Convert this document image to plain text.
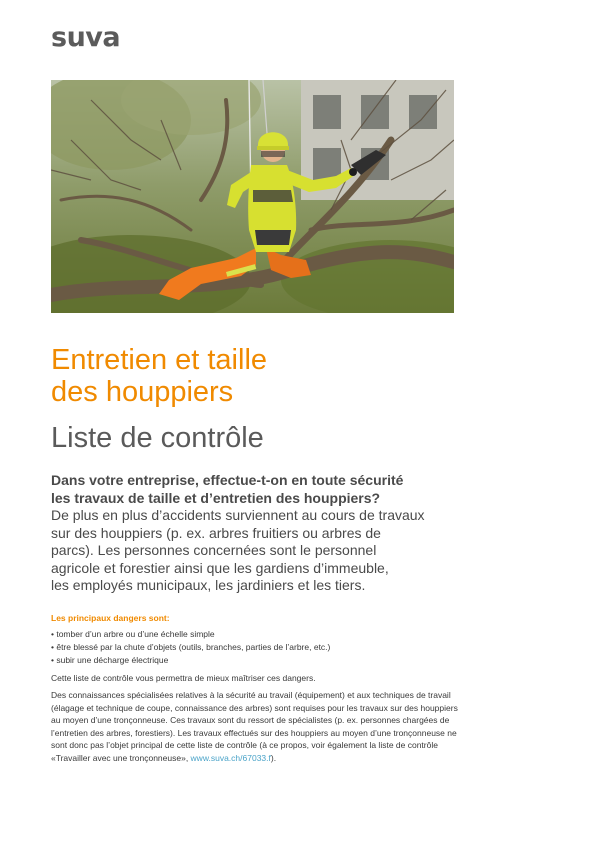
suva
Entretien et taille
des houppiers
Liste de contrôle
Dans votre entreprise, effectue-t-on en toute sécurité
les travaux de taille et d’entretien des houppiers?
De plus en plus d’accidents surviennent au cours de travaux
sur des houppiers (p. ex. arbres fruitiers ou arbres de
parcs). Les personnes concernées sont le personnel
agricole et forestier ainsi que les gardiens d’immeuble,
les employés municipaux, les jardiniers et les tiers.
Les principaux dangers sont:
• tomber d’un arbre ou d’une échelle simple
• être blessé par la chute d’objets (outils, branches, parties de l’arbre, etc.)
• subir une décharge électrique

Cette liste de contrôle vous permettra de mieux maîtriser ces dangers.

Des connaissances spécialisées relatives à la sécurité au travail (équipement) et aux techniques de travail (élagage et technique de coupe, connaissance des arbres) sont requises pour les travaux sur des houppiers au moyen d’une tronçonneuse. Ces travaux sont du ressort de spécialistes (p. ex. personnes chargées de l’entretien des arbres, forestiers). Les travaux effectués sur des houppiers au moyen d’une tronçonneuse ne sont donc pas l’objet principal de cette liste de contrôle (à ce propos, voir également la liste de contrôle «Travailler avec une tronçonneuse», www.suva.ch/67033.f).
